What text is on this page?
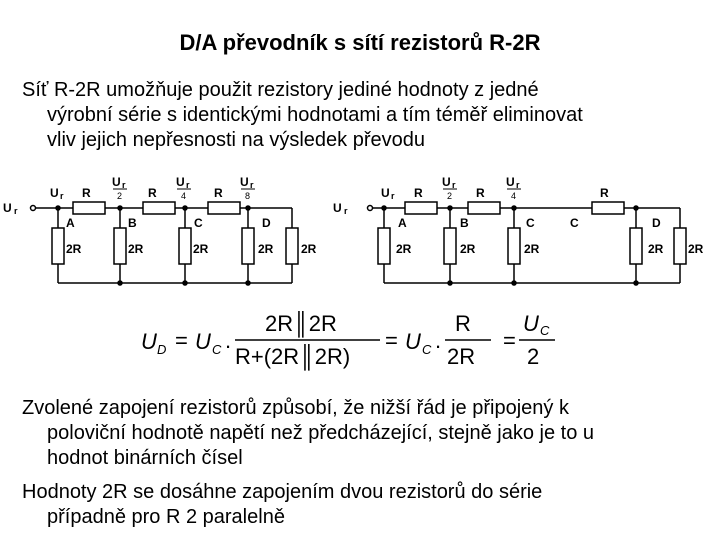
D/A převodník s sítí rezistorů R-2R
Síť R-2R umožňuje použit rezistory jediné hodnoty z jedné
výrobní série s identickými hodnotami a tím téměř eliminovat
vliv jejich nepřesnosti na výsledek převodu
U r
U r
U r
2
U r
4
U r
8
R	R	R
A	B	C	D
2R	2R	2R	2R 2R
U r
U r
U r
2
U r
4
R	R	R
A	B	C	C	D
2R	2R	2R	2R 2R
U D = U C .
2R║2R
R+(2R║2R)
= U C .
R
2R
=
U C
2
Zvolené zapojení rezistorů způsobí, že nižší řád je připojený k
poloviční hodnotě napětí než předcházející, stejně jako je to u
hodnot binárních čísel
Hodnoty 2R se dosáhne zapojením dvou rezistorů do série
případně pro R 2 paralelně
